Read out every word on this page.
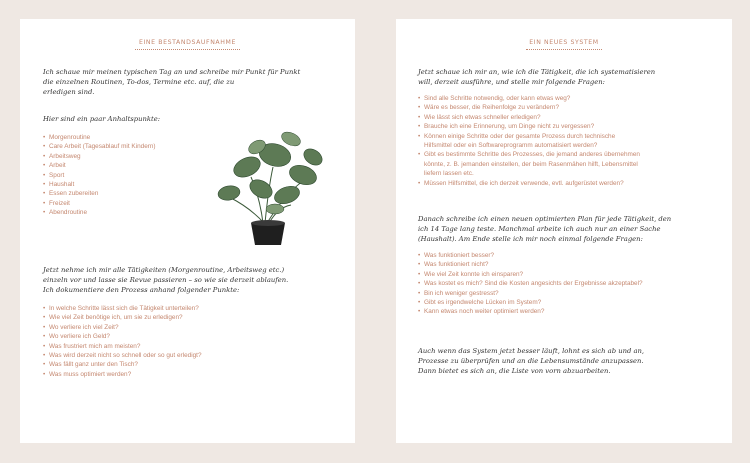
EINE BESTANDSAUFNAHME
Ich schaue mir meinen typischen Tag an und schreibe mir Punkt für Punkt
die einzelnen Routinen, To-dos, Termine etc. auf, die zu
erledigen sind.
Hier sind ein paar Anhaltspunkte:
• Morgenroutine
• Care Arbeit (Tagesablauf mit Kindern)
• Arbeitsweg
• Arbeit
• Sport
• Haushalt
• Essen zubereiten
• Freizeit
• Abendroutine
Jetzt nehme ich mir alle Tätigkeiten (Morgenroutine, Arbeitsweg etc.)
einzeln vor und lasse sie Revue passieren – so wie sie derzeit ablaufen.
Ich dokumentiere den Prozess anhand folgender Punkte:
• In welche Schritte lässt sich die Tätigkeit unterteilen?
• Wie viel Zeit benötige ich, um sie zu erledigen?
• Wo verliere ich viel Zeit?
• Wo verliere ich Geld?
• Was frustriert mich am meisten?
• Was wird derzeit nicht so schnell oder so gut erledigt?
• Was fällt ganz unter den Tisch?
• Was muss optimiert werden?
EIN NEUES SYSTEM
Jetzt schaue ich mir an, wie ich die Tätigkeit, die ich systematisieren
will, derzeit ausführe, und stelle mir folgende Fragen:
• Sind alle Schritte notwendig, oder kann etwas weg?
• Wäre es besser, die Reihenfolge zu verändern?
• Wie lässt sich etwas schneller erledigen?
• Brauche ich eine Erinnerung, um Dinge nicht zu vergessen?
• Können einige Schritte oder der gesamte Prozess durch technische
Hilfsmittel oder ein Softwareprogramm automatisiert werden?
• Gibt es bestimmte Schritte des Prozesses, die jemand anderes übernehmen
könnte, z. B. jemanden einstellen, der beim Rasenmähen hilft, Lebensmittel
liefern lassen etc.
• Müssen Hilfsmittel, die ich derzeit verwende, evtl. aufgerüstet werden?
Danach schreibe ich einen neuen optimierten Plan für jede Tätigkeit, den
ich 14 Tage lang teste. Manchmal arbeite ich auch nur an einer Sache
(Haushalt). Am Ende stelle ich mir noch einmal folgende Fragen:
• Was funktioniert besser?
• Was funktioniert nicht?
• Wie viel Zeit konnte ich einsparen?
• Was kostet es mich? Sind die Kosten angesichts der Ergebnisse akzeptabel?
• Bin ich weniger gestresst?
• Gibt es irgendwelche Lücken im System?
• Kann etwas noch weiter optimiert werden?
Auch wenn das System jetzt besser läuft, lohnt es sich ab und an,
Prozesse zu überprüfen und an die Lebensumstände anzupassen.
Dann bietet es sich an, die Liste von vorn abzuarbeiten.
